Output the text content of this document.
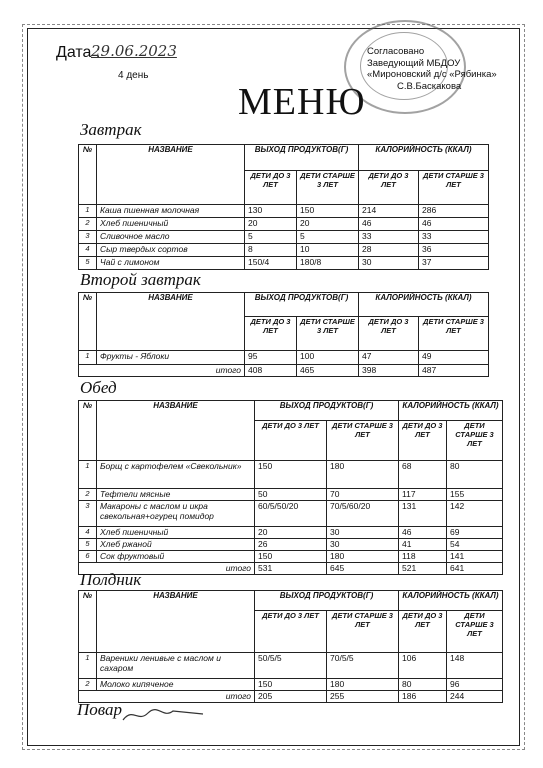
Дата :
29.06.2023
4 день
МЕНЮ
Согласовано
Заведующий МБДОУ
«Мироновский д/с «Рябинка»
С.В.Баскакова
Завтрак
№	НАЗВАНИЕ	ВЫХОД ПРОДУКТОВ(Г)		КАЛОРИЙНОСТЬ (ККАЛ)	
		ДЕТИ ДО 3 ЛЕТ	ДЕТИ СТАРШЕ 3 ЛЕТ	ДЕТИ ДО 3 ЛЕТ	ДЕТИ СТАРШЕ 3 ЛЕТ
1	Каша пшенная молочная	130	150	214	286
2	Хлеб пшеничный	20	20	46	46
3	Сливочное масло	5	5	33	33
4	Сыр твердых сортов	8	10	28	36
5	Чай с лимоном	150/4	180/8	30	37
Второй завтрак
№	НАЗВАНИЕ	ВЫХОД ПРОДУКТОВ(Г)		КАЛОРИЙНОСТЬ (ККАЛ)	
		ДЕТИ ДО 3 ЛЕТ	ДЕТИ СТАРШЕ 3 ЛЕТ	ДЕТИ ДО 3 ЛЕТ	ДЕТИ СТАРШЕ 3 ЛЕТ
1	Фрукты - Яблоки	95	100	47	49
итого		408	465	398	487
Обед
№	НАЗВАНИЕ	ВЫХОД ПРОДУКТОВ(Г)		КАЛОРИЙНОСТЬ (ККАЛ)	
		ДЕТИ ДО 3 ЛЕТ	ДЕТИ СТАРШЕ 3 ЛЕТ	ДЕТИ ДО 3 ЛЕТ	ДЕТИ СТАРШЕ 3 ЛЕТ
1	Борщ с картофелем «Свекольник»	150	180	68	80
2	Тефтели мясные	50	70	117	155
3	Макароны с маслом и икра свекольная+огурец помидор	60/5/50/20	70/5/60/20	131	142
4	Хлеб пшеничный	20	30	46	69
5	Хлеб ржаной	26	30	41	54
6	Сок фруктовый	150	180	118	141
итого		531	645	521	641
Полдник
№	НАЗВАНИЕ	ВЫХОД ПРОДУКТОВ(Г)		КАЛОРИЙНОСТЬ (ККАЛ)	
		ДЕТИ ДО 3 ЛЕТ	ДЕТИ СТАРШЕ 3 ЛЕТ	ДЕТИ ДО 3 ЛЕТ	ДЕТИ СТАРШЕ 3 ЛЕТ
1	Вареники ленивые с маслом и сахаром	50/5/5	70/5/5	106	148
2	Молоко кипяченое	150	180	80	96
итого		205	255	186	244
Повар
